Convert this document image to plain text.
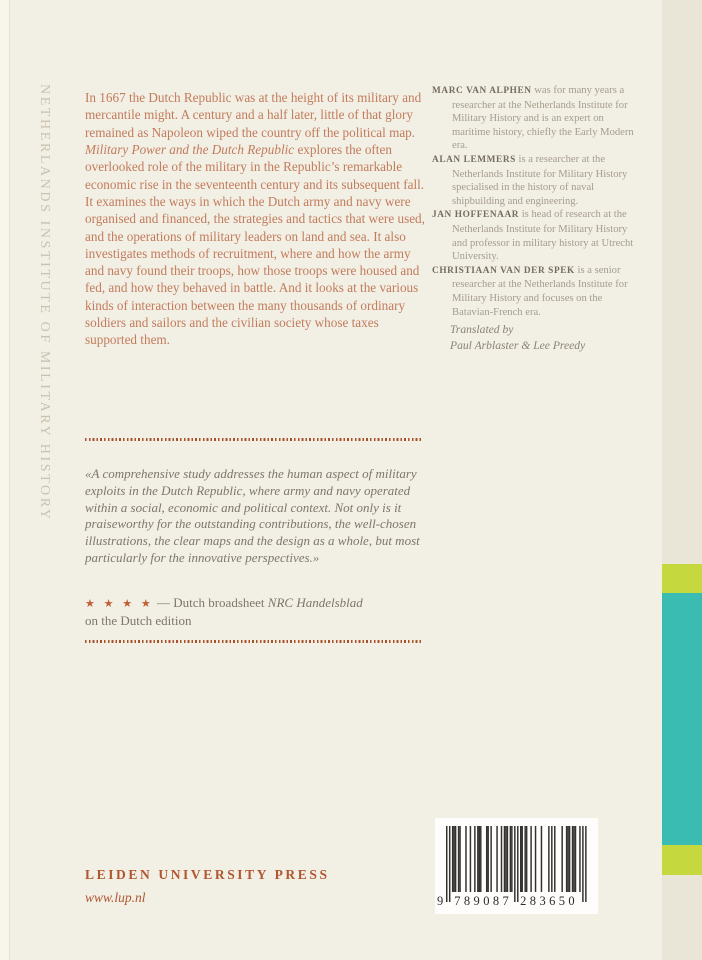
NETHERLANDS INSTITUTE OF MILITARY HISTORY	In 1667 the Dutch Republic was at the height of its military and mercantile might. A century and a half later, little of that glory remained as Napoleon wiped the country off the political map. Military Power and the Dutch Republic explores the often overlooked role of the military in the Republic’s remarkable economic rise in the seventeenth century and its subsequent fall. It examines the ways in which the Dutch army and navy were organised and financed, the strategies and tactics that were used, and the operations of military leaders on land and sea. It also investigates methods of recruitment, where and how the army and navy found their troops, how those troops were housed and fed, and how they behaved in battle. And it looks at the various kinds of interaction between the many thousands of ordinary soldiers and sailors and the civilian society whose taxes supported them.

MARC VAN ALPHEN was for many years a researcher at the Netherlands Institute for Military History and is an expert on maritime history, chiefly the Early Modern era.

ALAN LEMMERS is a researcher at the Netherlands Institute for Military History specialised in the history of naval shipbuilding and engineering.

JAN HOFFENAAR is head of research at the Netherlands Institute for Military History and professor in military history at Utrecht University.

CHRISTIAAN VAN DER SPEK is a senior researcher at the Netherlands Institute for Military History and focuses on the Batavian-French era.

Translated by
Paul Arblaster & Lee Preedy

«A comprehensive study addresses the human aspect of military exploits in the Dutch Republic, where army and navy operated within a social, economic and political context. Not only is it praiseworthy for the outstanding contributions, the well-chosen illustrations, the clear maps and the design as a whole, but most particularly for the innovative perspectives.»

★ ★ ★ ★ — Dutch broadsheet NRC Handelsblad
on the Dutch edition
LEIDEN UNIVERSITY PRESS
www.lup.nl	9 789087 283650
